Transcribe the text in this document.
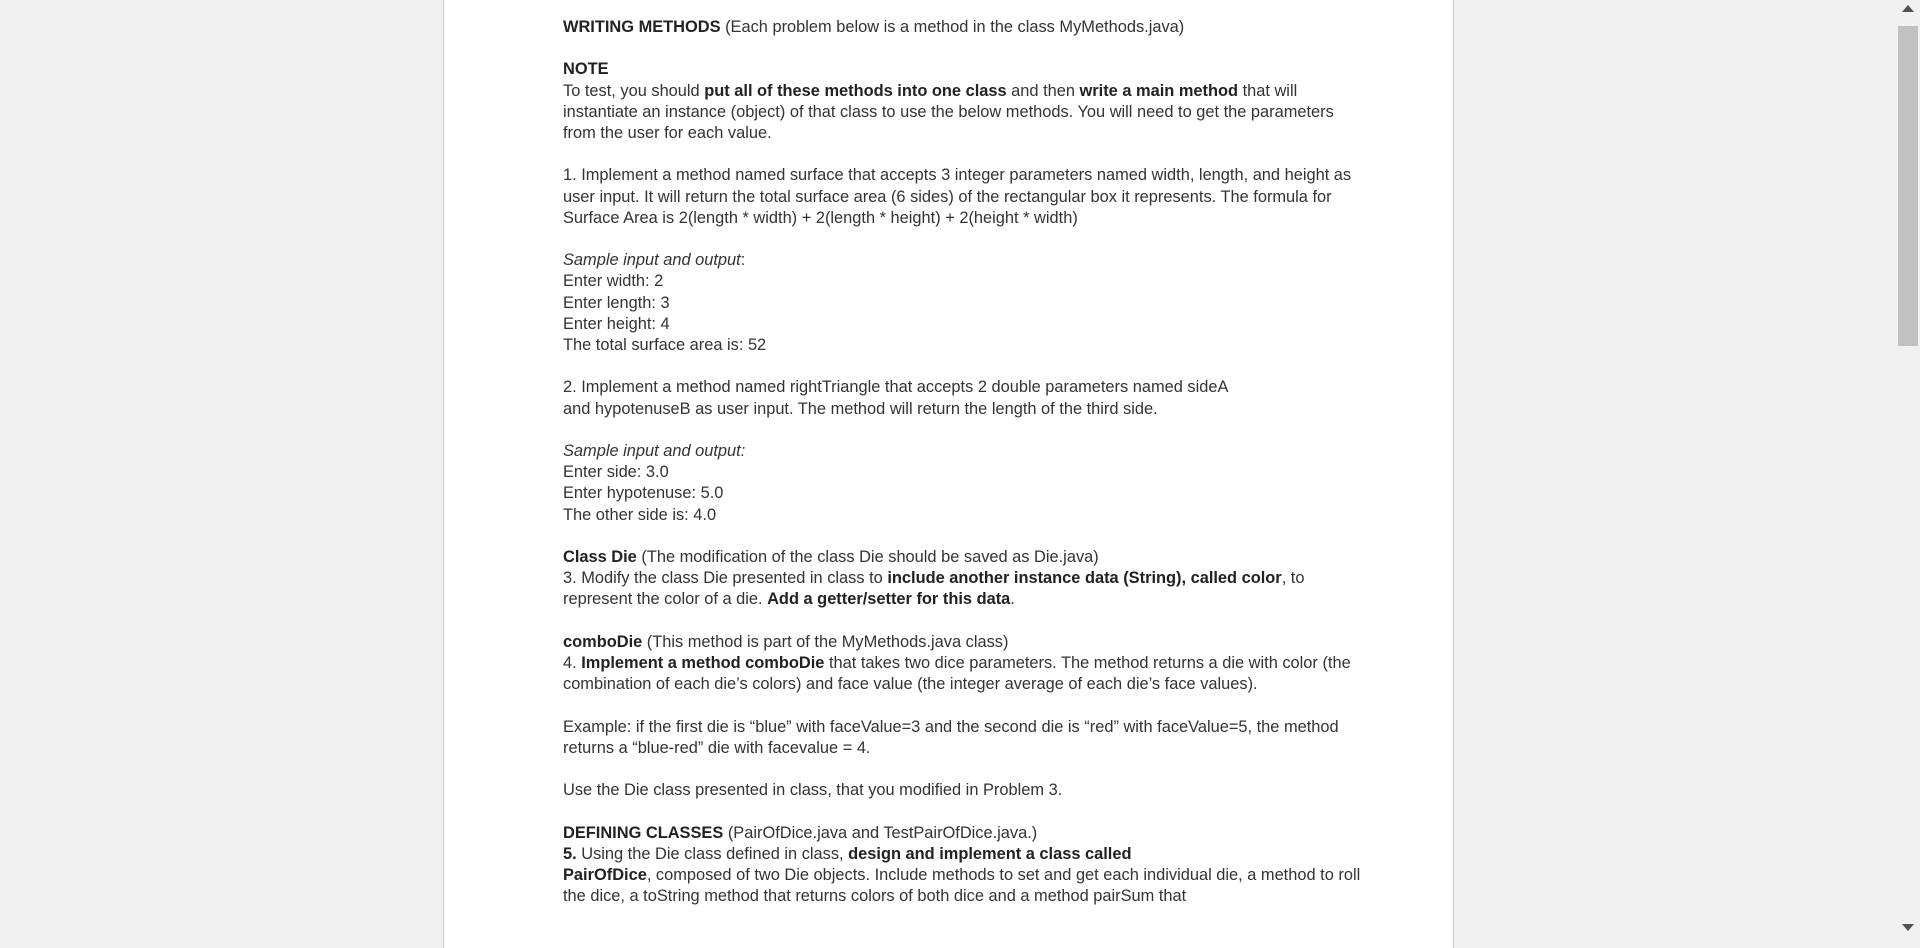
WRITING METHODS (Each problem below is a method in the class MyMethods.java)

NOTE
To test, you should put all of these methods into one class and then write a main method that will instantiate an instance (object) of that class to use the below methods. You will need to get the parameters from the user for each value.

1. Implement a method named surface that accepts 3 integer parameters named width, length, and height as user input. It will return the total surface area (6 sides) of the rectangular box it represents. The formula for Surface Area is 2(length * width) + 2(length * height) + 2(height * width)

Sample input and output:
Enter width: 2
Enter length: 3
Enter height: 4
The total surface area is: 52

2. Implement a method named rightTriangle that accepts 2 double parameters named sideA
and hypotenuseB as user input. The method will return the length of the third side.

Sample input and output:
Enter side: 3.0
Enter hypotenuse: 5.0
The other side is: 4.0

Class Die (The modification of the class Die should be saved as Die.java)
3. Modify the class Die presented in class to include another instance data (String), called color, to represent the color of a die. Add a getter/setter for this data.

comboDie (This method is part of the MyMethods.java class)
4. Implement a method comboDie that takes two dice parameters. The method returns a die with color (the combination of each die’s colors) and face value (the integer average of each die’s face values).

Example: if the first die is “blue” with faceValue=3 and the second die is “red” with faceValue=5, the method returns a “blue-red” die with facevalue = 4.

Use the Die class presented in class, that you modified in Problem 3.

DEFINING CLASSES (PairOfDice.java and TestPairOfDice.java.)
5. Using the Die class defined in class, design and implement a class called
PairOfDice, composed of two Die objects. Include methods to set and get each individual die, a method to roll the dice, a toString method that returns colors of both dice and a method pairSum that
